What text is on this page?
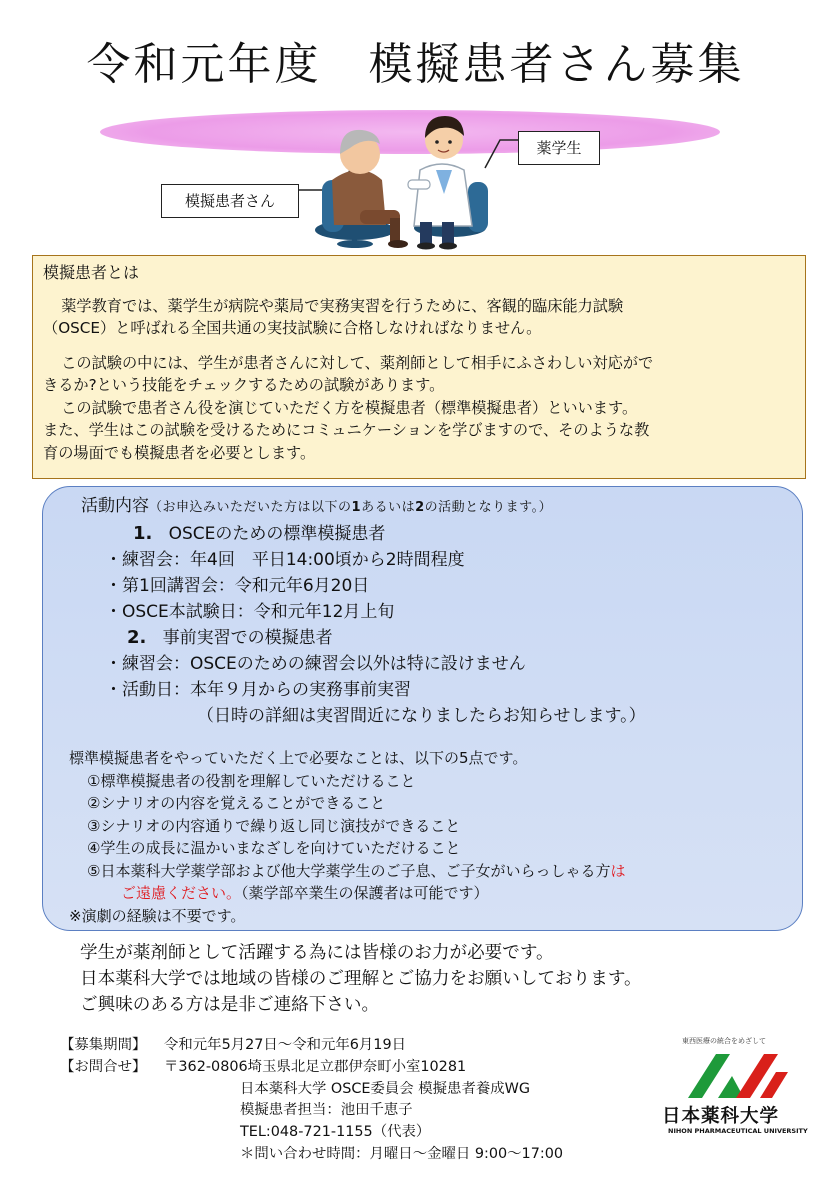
令和元年度　模擬患者さん募集
模擬患者さん
薬学生

模擬患者とは

薬学教育では、薬学生が病院や薬局で実務実習を行うために、客観的臨床能力試験

（OSCE）と呼ばれる全国共通の実技試験に合格しなければなりません。

この試験の中には、学生が患者さんに対して、薬剤師として相手にふさわしい対応がで

きるか?という技能をチェックするための試験があります。

この試験で患者さん役を演じていただく方を模擬患者（標準模擬患者）といいます。

また、学生はこの試験を受けるためにコミュニケーションを学びますので、そのような教

育の場面でも模擬患者を必要とします。

活動内容（お申込みいただいた方は以下の1あるいは2の活動となります。）
1. OSCEのための標準模擬患者
・練習会：年4回　平日14:00頃から2時間程度
・第1回講習会：令和元年6月20日
・OSCE本試験日：令和元年12月上旬
2. 事前実習での模擬患者
・練習会：OSCEのための練習会以外は特に設けません
・活動日：本年９月からの実務事前実習
（日時の詳細は実習間近になりましたらお知らせします。）
標準模擬患者をやっていただく上で必要なことは、以下の5点です。
①標準模擬患者の役割を理解していただけること
②シナリオの内容を覚えることができること
③シナリオの内容通りで繰り返し同じ演技ができること
④学生の成長に温かいまなざしを向けていただけること
⑤日本薬科大学薬学部および他大学薬学生のご子息、ご子女がいらっしゃる方は
ご遠慮ください。（薬学部卒業生の保護者は可能です）
※演劇の経験は不要です。
学生が薬剤師として活躍する為には皆様のお力が必要です。
日本薬科大学では地域の皆様のご理解とご協力をお願いしております。
ご興味のある方は是非ご連絡下さい。
【募集期間】 令和元年5月27日～令和元年6月19日
【お問合せ】 〒362-0806埼玉県北足立郡伊奈町小室10281
日本薬科大学 OSCE委員会 模擬患者養成WG
模擬患者担当：池田千恵子
TEL:048-721-1155（代表）
＊問い合わせ時間：月曜日～金曜日 9:00～17:00
東西医療の統合をめざして
日本薬科大学
NIHON PHARMACEUTICAL UNIVERSITY
